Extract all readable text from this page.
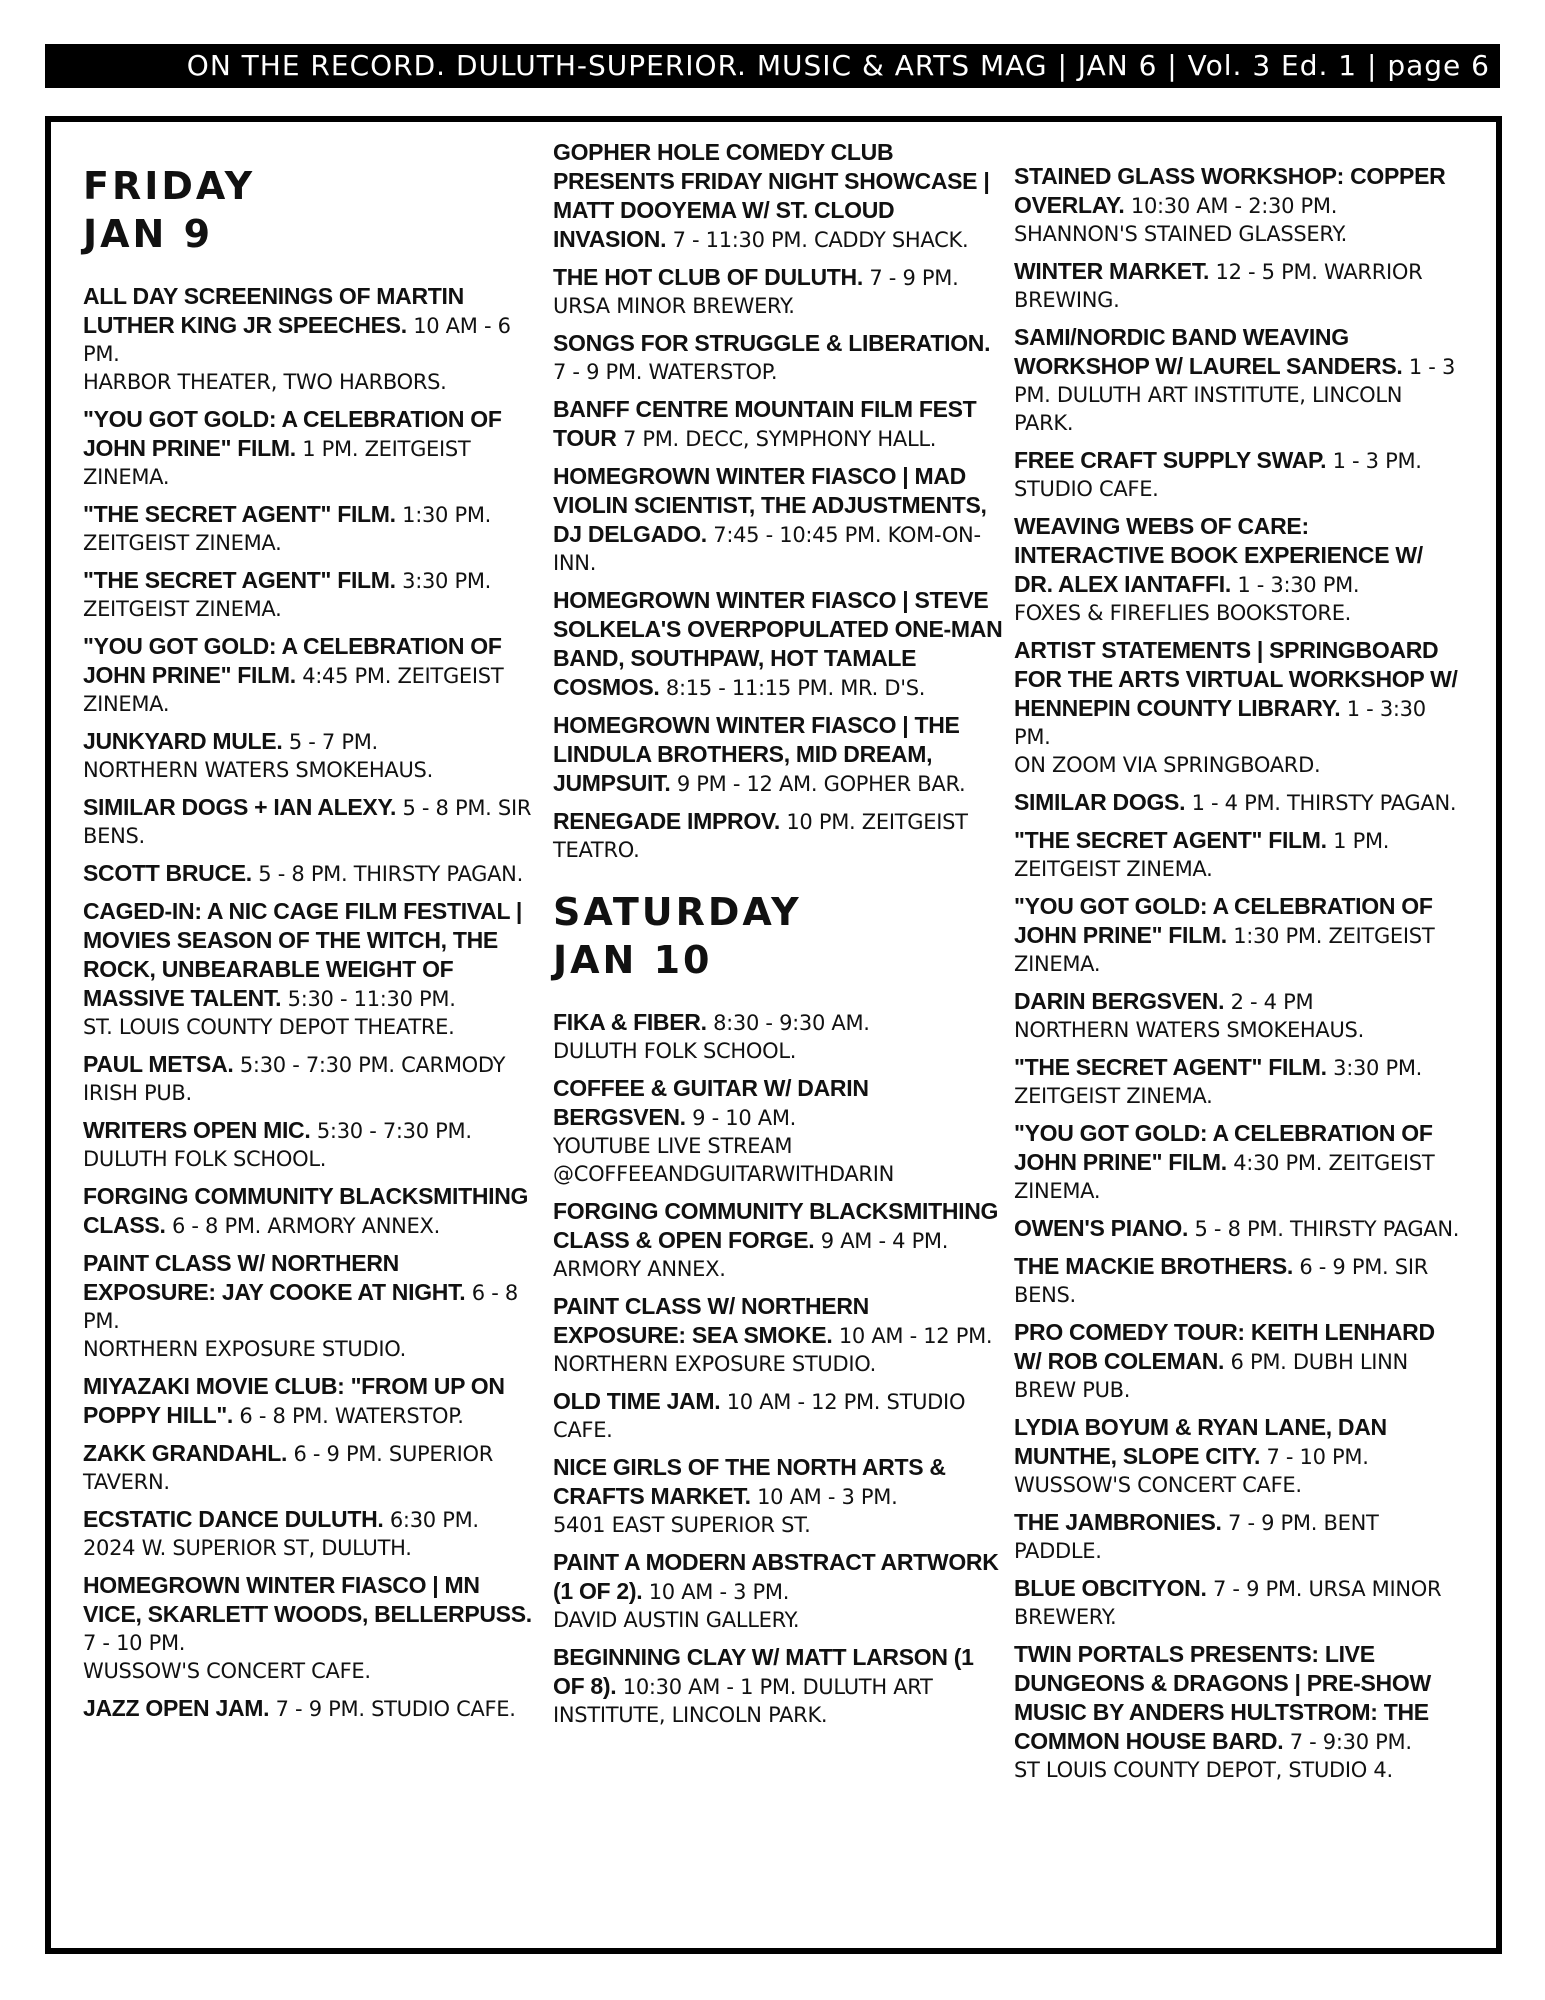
ON THE RECORD. DULUTH-SUPERIOR. MUSIC & ARTS MAG | JAN 6 | Vol. 3 Ed. 1 | page 6
FRIDAY
JAN 9
ALL DAY SCREENINGS OF MARTIN LUTHER KING JR SPEECHES. 10 AM - 6 PM.
HARBOR THEATER, TWO HARBORS.
"YOU GOT GOLD: A CELEBRATION OF JOHN PRINE" FILM. 1 PM. ZEITGEIST ZINEMA.
"THE SECRET AGENT" FILM. 1:30 PM. ZEITGEIST ZINEMA.
"THE SECRET AGENT" FILM. 3:30 PM. ZEITGEIST ZINEMA.
"YOU GOT GOLD: A CELEBRATION OF JOHN PRINE" FILM. 4:45 PM. ZEITGEIST ZINEMA.
JUNKYARD MULE. 5 - 7 PM.
NORTHERN WATERS SMOKEHAUS.
SIMILAR DOGS + IAN ALEXY. 5 - 8 PM. SIR BENS.
SCOTT BRUCE. 5 - 8 PM. THIRSTY PAGAN.
CAGED-IN: A NIC CAGE FILM FESTIVAL | MOVIES SEASON OF THE WITCH, THE ROCK, UNBEARABLE WEIGHT OF MASSIVE TALENT. 5:30 - 11:30 PM.
ST. LOUIS COUNTY DEPOT THEATRE.
PAUL METSA. 5:30 - 7:30 PM. CARMODY IRISH PUB.
WRITERS OPEN MIC. 5:30 - 7:30 PM.
DULUTH FOLK SCHOOL.
FORGING COMMUNITY BLACKSMITHING CLASS. 6 - 8 PM. ARMORY ANNEX.
PAINT CLASS W/ NORTHERN EXPOSURE: JAY COOKE AT NIGHT. 6 - 8 PM.
NORTHERN EXPOSURE STUDIO.
MIYAZAKI MOVIE CLUB: "FROM UP ON POPPY HILL". 6 - 8 PM. WATERSTOP.
ZAKK GRANDAHL. 6 - 9 PM. SUPERIOR TAVERN.
ECSTATIC DANCE DULUTH. 6:30 PM.
2024 W. SUPERIOR ST, DULUTH.
HOMEGROWN WINTER FIASCO | MN VICE, SKARLETT WOODS, BELLERPUSS. 7 - 10 PM.
WUSSOW'S CONCERT CAFE.
JAZZ OPEN JAM. 7 - 9 PM. STUDIO CAFE.
GOPHER HOLE COMEDY CLUB PRESENTS FRIDAY NIGHT SHOWCASE | MATT DOOYEMA W/ ST. CLOUD INVASION. 7 - 11:30 PM. CADDY SHACK.
THE HOT CLUB OF DULUTH. 7 - 9 PM. URSA MINOR BREWERY.
SONGS FOR STRUGGLE & LIBERATION. 7 - 9 PM. WATERSTOP.
BANFF CENTRE MOUNTAIN FILM FEST TOUR 7 PM. DECC, SYMPHONY HALL.
HOMEGROWN WINTER FIASCO | MAD VIOLIN SCIENTIST, THE ADJUSTMENTS, DJ DELGADO. 7:45 - 10:45 PM. KOM-ON-INN.
HOMEGROWN WINTER FIASCO | STEVE SOLKELA'S OVERPOPULATED ONE-MAN BAND, SOUTHPAW, HOT TAMALE COSMOS. 8:15 - 11:15 PM. MR. D'S.
HOMEGROWN WINTER FIASCO | THE LINDULA BROTHERS, MID DREAM, JUMPSUIT. 9 PM - 12 AM. GOPHER BAR.
RENEGADE IMPROV. 10 PM. ZEITGEIST TEATRO.
SATURDAY
JAN 10
FIKA & FIBER. 8:30 - 9:30 AM.
DULUTH FOLK SCHOOL.
COFFEE & GUITAR W/ DARIN BERGSVEN. 9 - 10 AM.
YOUTUBE LIVE STREAM @COFFEEANDGUITARWITHDARIN
FORGING COMMUNITY BLACKSMITHING CLASS & OPEN FORGE. 9 AM - 4 PM. ARMORY ANNEX.
PAINT CLASS W/ NORTHERN EXPOSURE: SEA SMOKE. 10 AM - 12 PM.
NORTHERN EXPOSURE STUDIO.
OLD TIME JAM. 10 AM - 12 PM. STUDIO CAFE.
NICE GIRLS OF THE NORTH ARTS & CRAFTS MARKET. 10 AM - 3 PM.
5401 EAST SUPERIOR ST.
PAINT A MODERN ABSTRACT ARTWORK (1 OF 2). 10 AM - 3 PM.
DAVID AUSTIN GALLERY.
BEGINNING CLAY W/ MATT LARSON (1 OF 8). 10:30 AM - 1 PM. DULUTH ART INSTITUTE, LINCOLN PARK.
STAINED GLASS WORKSHOP: COPPER OVERLAY. 10:30 AM - 2:30 PM.
SHANNON'S STAINED GLASSERY.
WINTER MARKET. 12 - 5 PM. WARRIOR BREWING.
SAMI/NORDIC BAND WEAVING WORKSHOP W/ LAUREL SANDERS. 1 - 3 PM. DULUTH ART INSTITUTE, LINCOLN PARK.
FREE CRAFT SUPPLY SWAP. 1 - 3 PM. STUDIO CAFE.
WEAVING WEBS OF CARE: INTERACTIVE BOOK EXPERIENCE W/ DR. ALEX IANTAFFI. 1 - 3:30 PM.
FOXES & FIREFLIES BOOKSTORE.
ARTIST STATEMENTS | SPRINGBOARD FOR THE ARTS VIRTUAL WORKSHOP W/ HENNEPIN COUNTY LIBRARY. 1 - 3:30 PM.
ON ZOOM VIA SPRINGBOARD.
SIMILAR DOGS. 1 - 4 PM. THIRSTY PAGAN.
"THE SECRET AGENT" FILM. 1 PM. ZEITGEIST ZINEMA.
"YOU GOT GOLD: A CELEBRATION OF JOHN PRINE" FILM. 1:30 PM. ZEITGEIST ZINEMA.
DARIN BERGSVEN. 2 - 4 PM
NORTHERN WATERS SMOKEHAUS.
"THE SECRET AGENT" FILM. 3:30 PM. ZEITGEIST ZINEMA.
"YOU GOT GOLD: A CELEBRATION OF JOHN PRINE" FILM. 4:30 PM. ZEITGEIST ZINEMA.
OWEN'S PIANO. 5 - 8 PM. THIRSTY PAGAN.
THE MACKIE BROTHERS. 6 - 9 PM. SIR BENS.
PRO COMEDY TOUR: KEITH LENHARD W/ ROB COLEMAN. 6 PM. DUBH LINN BREW PUB.
LYDIA BOYUM & RYAN LANE, DAN MUNTHE, SLOPE CITY. 7 - 10 PM.
WUSSOW'S CONCERT CAFE.
THE JAMBRONIES. 7 - 9 PM. BENT PADDLE.
BLUE OBCITYON. 7 - 9 PM. URSA MINOR BREWERY.
TWIN PORTALS PRESENTS: LIVE DUNGEONS & DRAGONS | PRE-SHOW MUSIC BY ANDERS HULTSTROM: THE COMMON HOUSE BARD. 7 - 9:30 PM.
ST LOUIS COUNTY DEPOT, STUDIO 4.
